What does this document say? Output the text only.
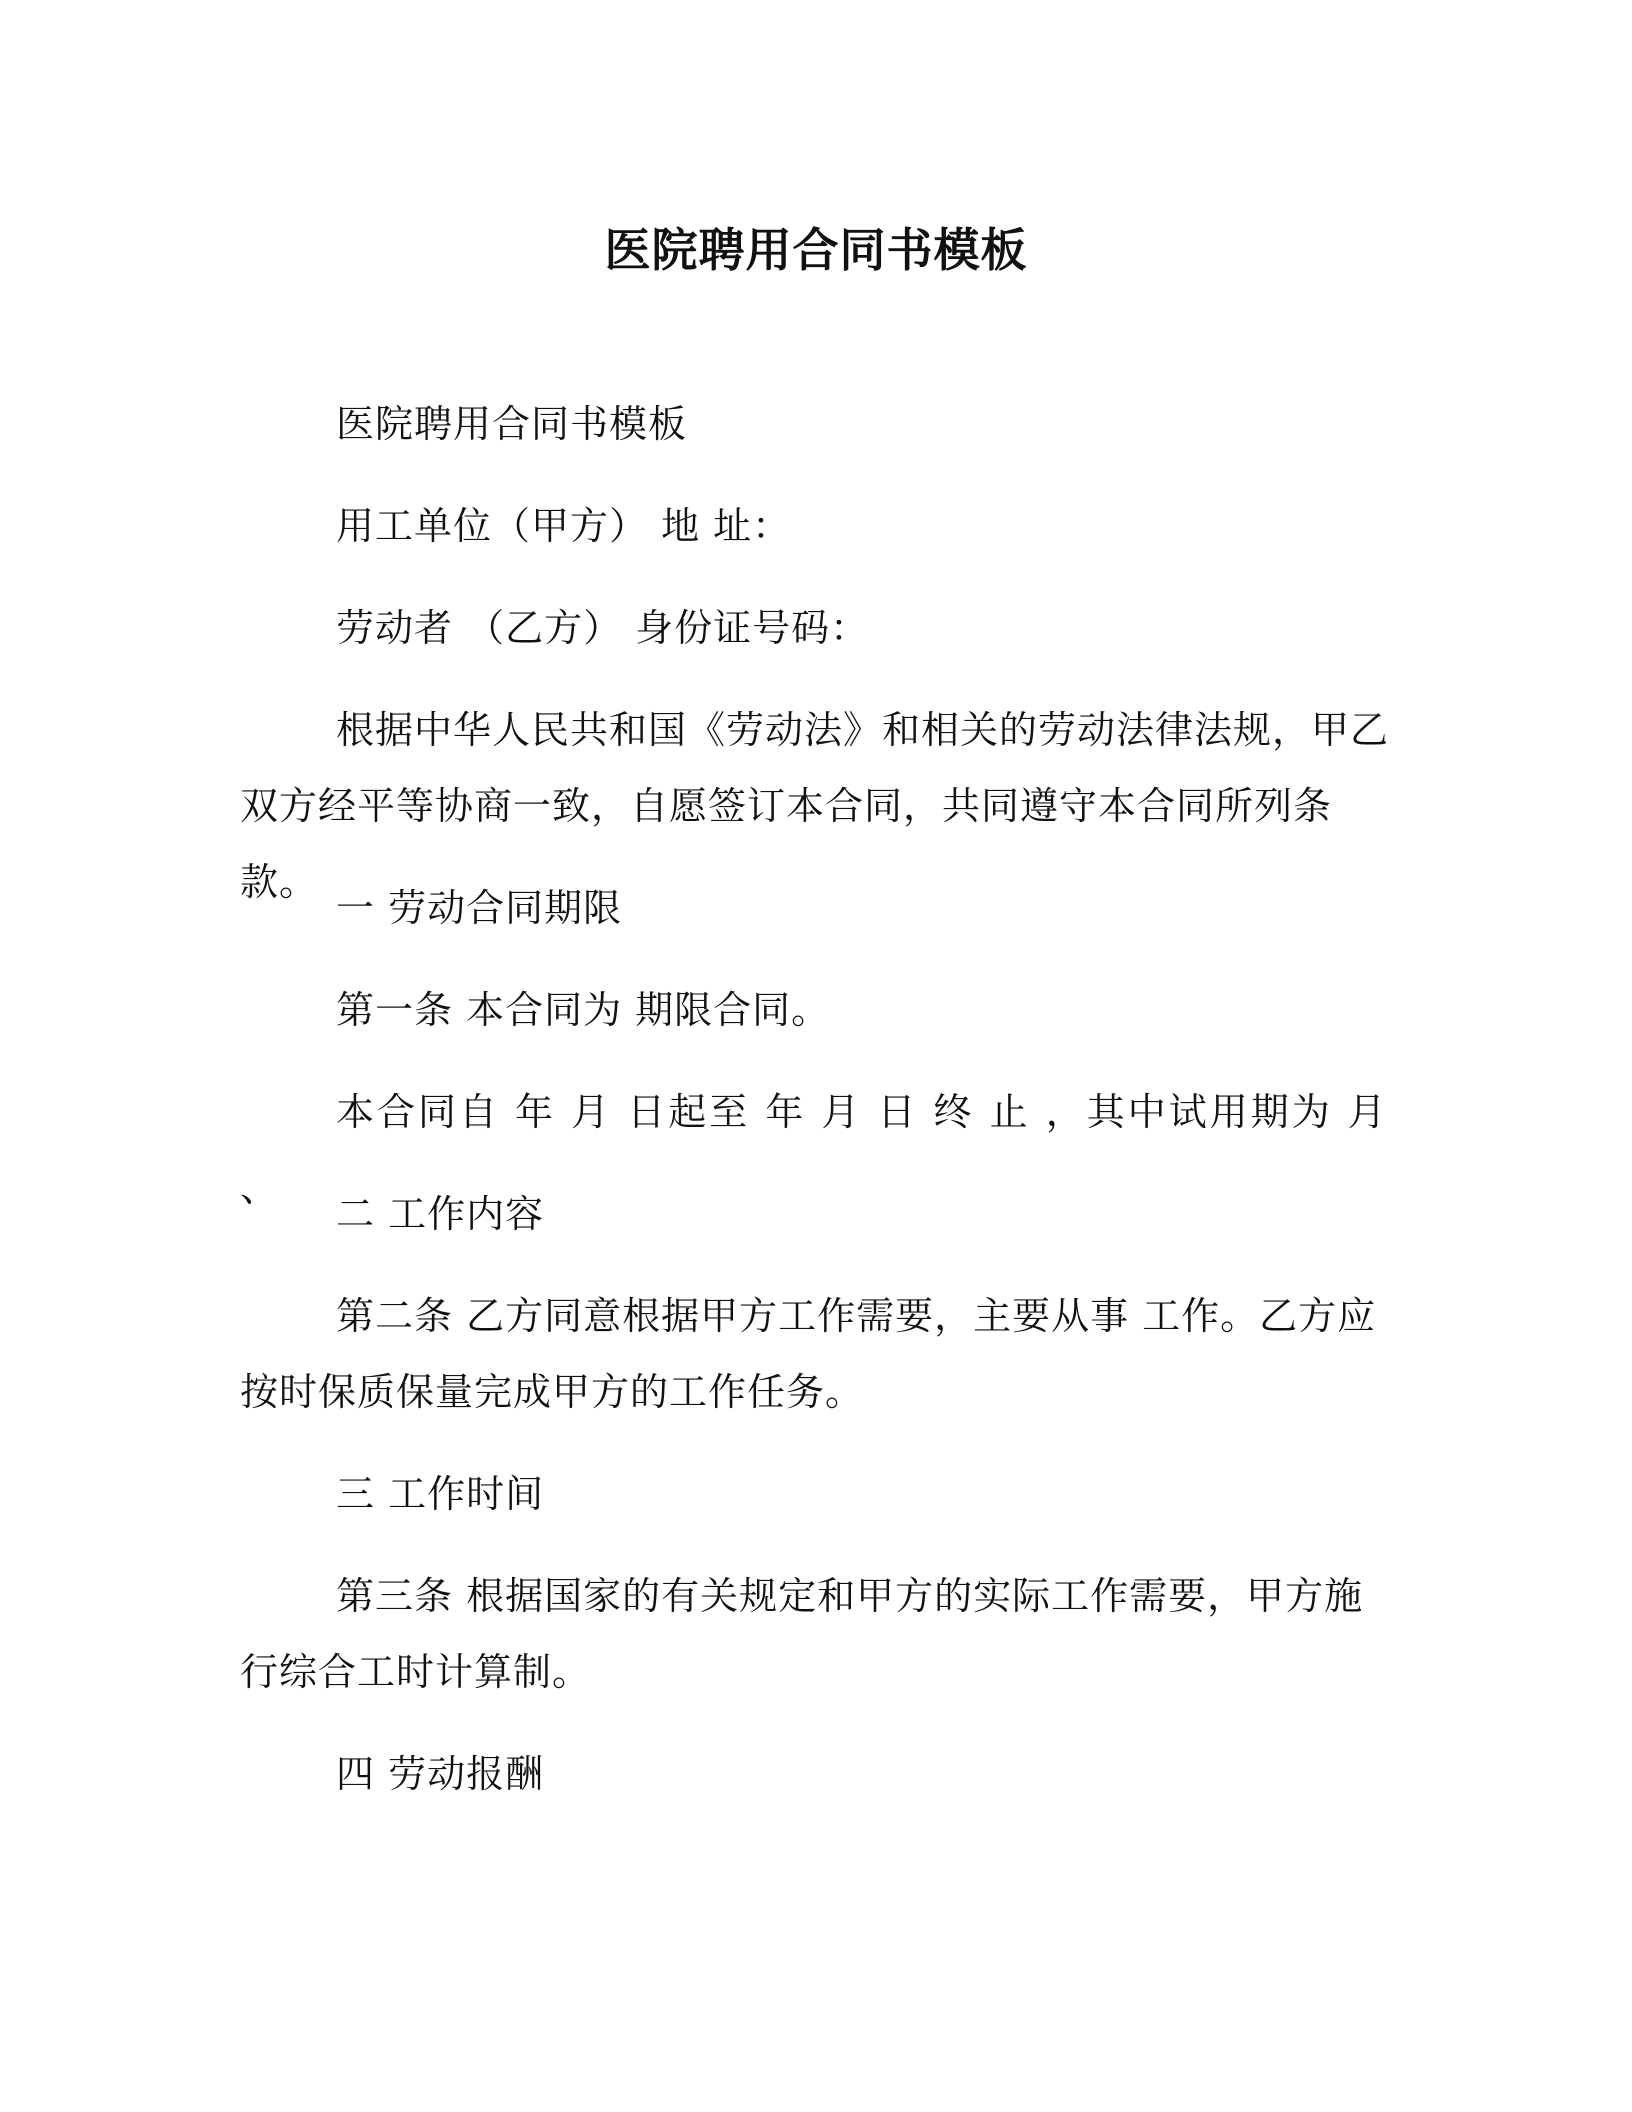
医院聘用合同书模板

医院聘用合同书模板

用工单位（甲方） 地 址：

劳动者 （乙方） 身份证号码：

根据中华人民共和国《劳动法》和相关的劳动法律法规，甲乙双方经平等协商一致，自愿签订本合同，共同遵守本合同所列条款。

一 劳动合同期限

第一条 本合同为 期限合同。

本合同自 年 月 日起至 年 月 日 终 止 ，其中试用期为 月 、

二 工作内容

第二条 乙方同意根据甲方工作需要，主要从事 工作。乙方应按时保质保量完成甲方的工作任务。

三 工作时间

第三条 根据国家的有关规定和甲方的实际工作需要，甲方施行综合工时计算制。

四 劳动报酬
